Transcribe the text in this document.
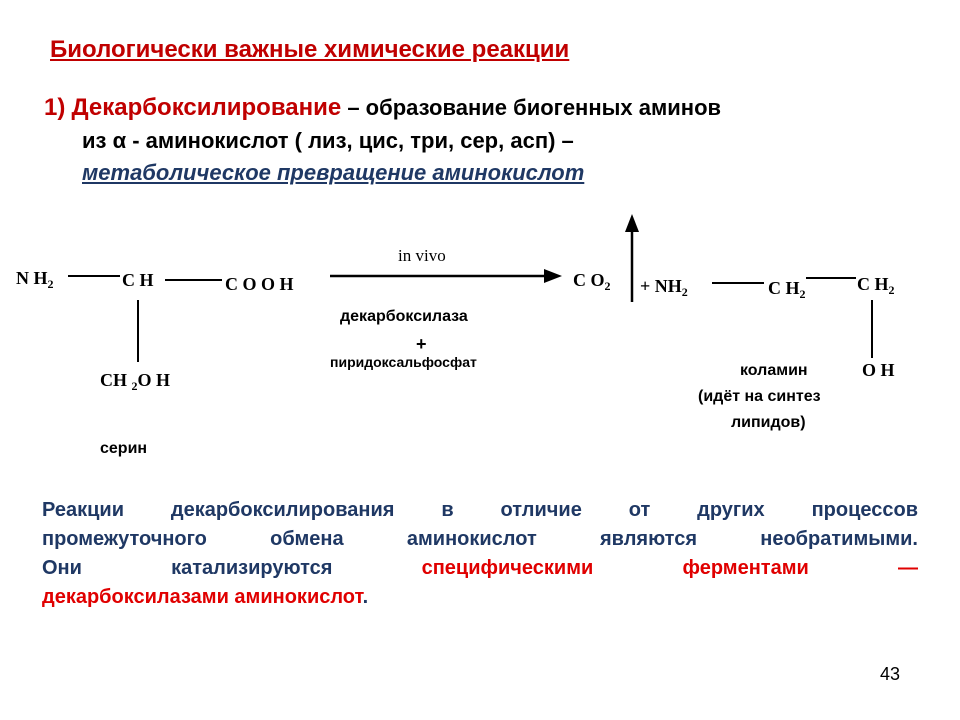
Биологически важные химические реакции
1) Декарбоксилирование – образование биогенных аминов
из α - аминокислот ( лиз, цис, три, сер, асп) –
метаболическое превращение аминокислот
N $H_2$	C H	C O O H
CH $_2$O H
серин
in vivo
декарбоксилаза
+
пиридоксальфосфат
C $O_2 + NH_2$	C $H_2$	C $H_2$
O H
коламин
(идёт на синтез
липидов)
Реакции декарбоксилирования в отличие от других процессов
промежуточного обмена аминокислот являются необратимыми.
Они катализируются специфическими ферментами —
декарбоксилазами аминокислот.
43
